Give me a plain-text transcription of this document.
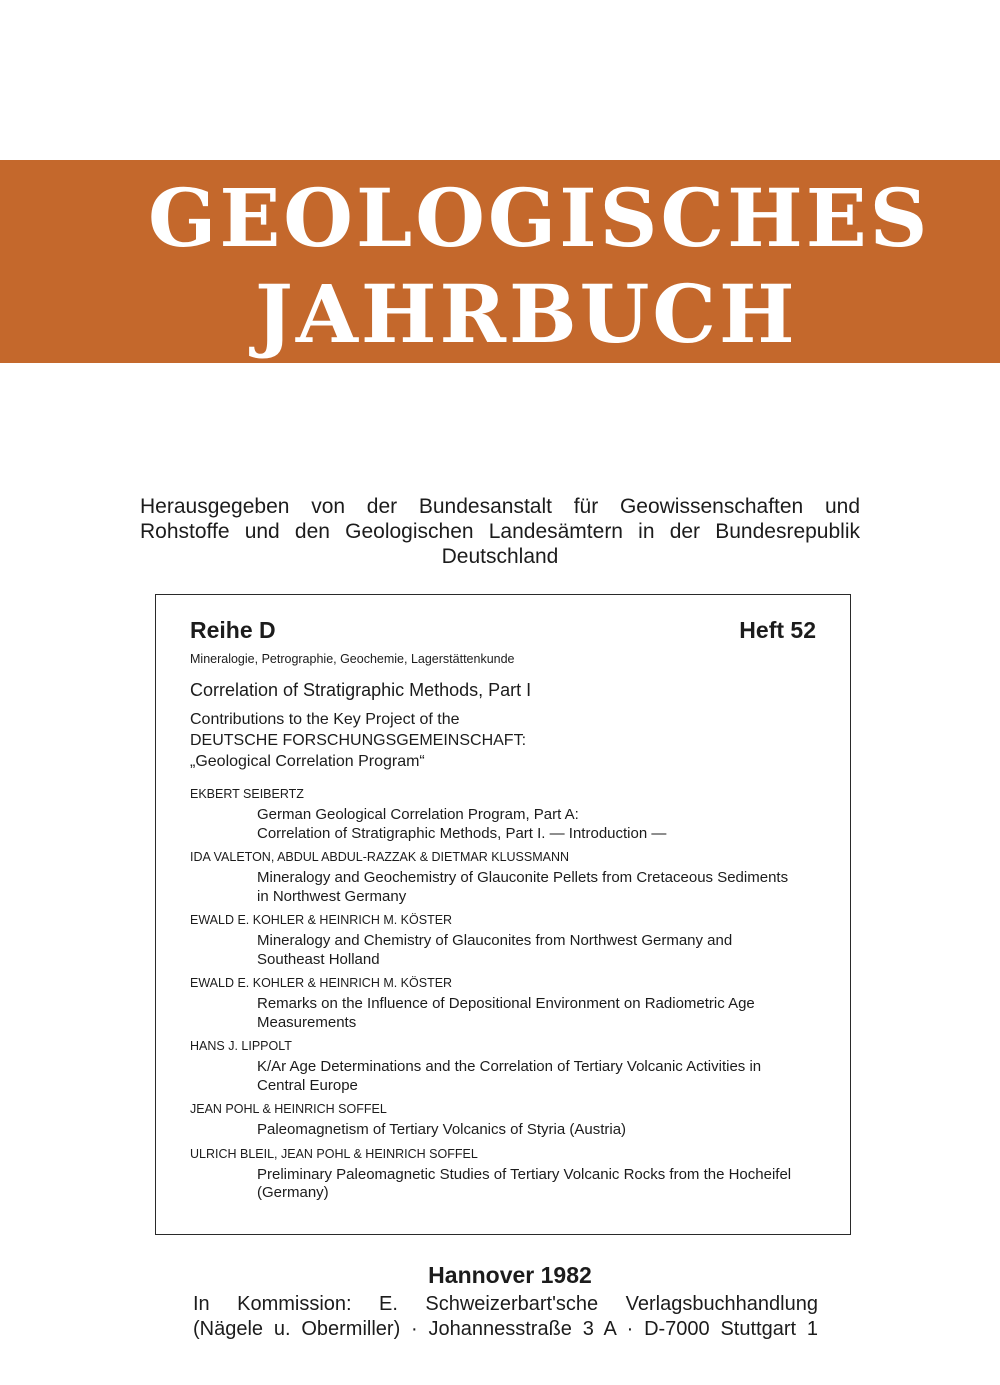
GEOLOGISCHES
JAHRBUCH
Herausgegeben von der Bundesanstalt für Geowissenschaften und
Rohstoffe und den Geologischen Landesämtern in der Bundesrepublik
Deutschland
Reihe D	Heft 52
Mineralogie, Petrographie, Geochemie, Lagerstättenkunde
Correlation of Stratigraphic Methods, Part I
Contributions to the Key Project of the
DEUTSCHE FORSCHUNGSGEMEINSCHAFT:
„Geological Correlation Program“
EKBERT SEIBERTZ
German Geological Correlation Program, Part A:
Correlation of Stratigraphic Methods, Part I. — Introduction —
IDA VALETON, ABDUL ABDUL-RAZZAK & DIETMAR KLUSSMANN
Mineralogy and Geochemistry of Glauconite Pellets from Cretaceous Sediments
in Northwest Germany
EWALD E. KOHLER & HEINRICH M. KÖSTER
Mineralogy and Chemistry of Glauconites from Northwest Germany and
Southeast Holland
EWALD E. KOHLER & HEINRICH M. KÖSTER
Remarks on the Influence of Depositional Environment on Radiometric Age
Measurements
HANS J. LIPPOLT
K/Ar Age Determinations and the Correlation of Tertiary Volcanic Activities in
Central Europe
JEAN POHL & HEINRICH SOFFEL
Paleomagnetism of Tertiary Volcanics of Styria (Austria)
ULRICH BLEIL, JEAN POHL & HEINRICH SOFFEL
Preliminary Paleomagnetic Studies of Tertiary Volcanic Rocks from the Hocheifel
(Germany)
Hannover 1982
In Kommission: E. Schweizerbart'sche Verlagsbuchhandlung
(Nägele u. Obermiller) · Johannesstraße 3 A · D-7000 Stuttgart 1
